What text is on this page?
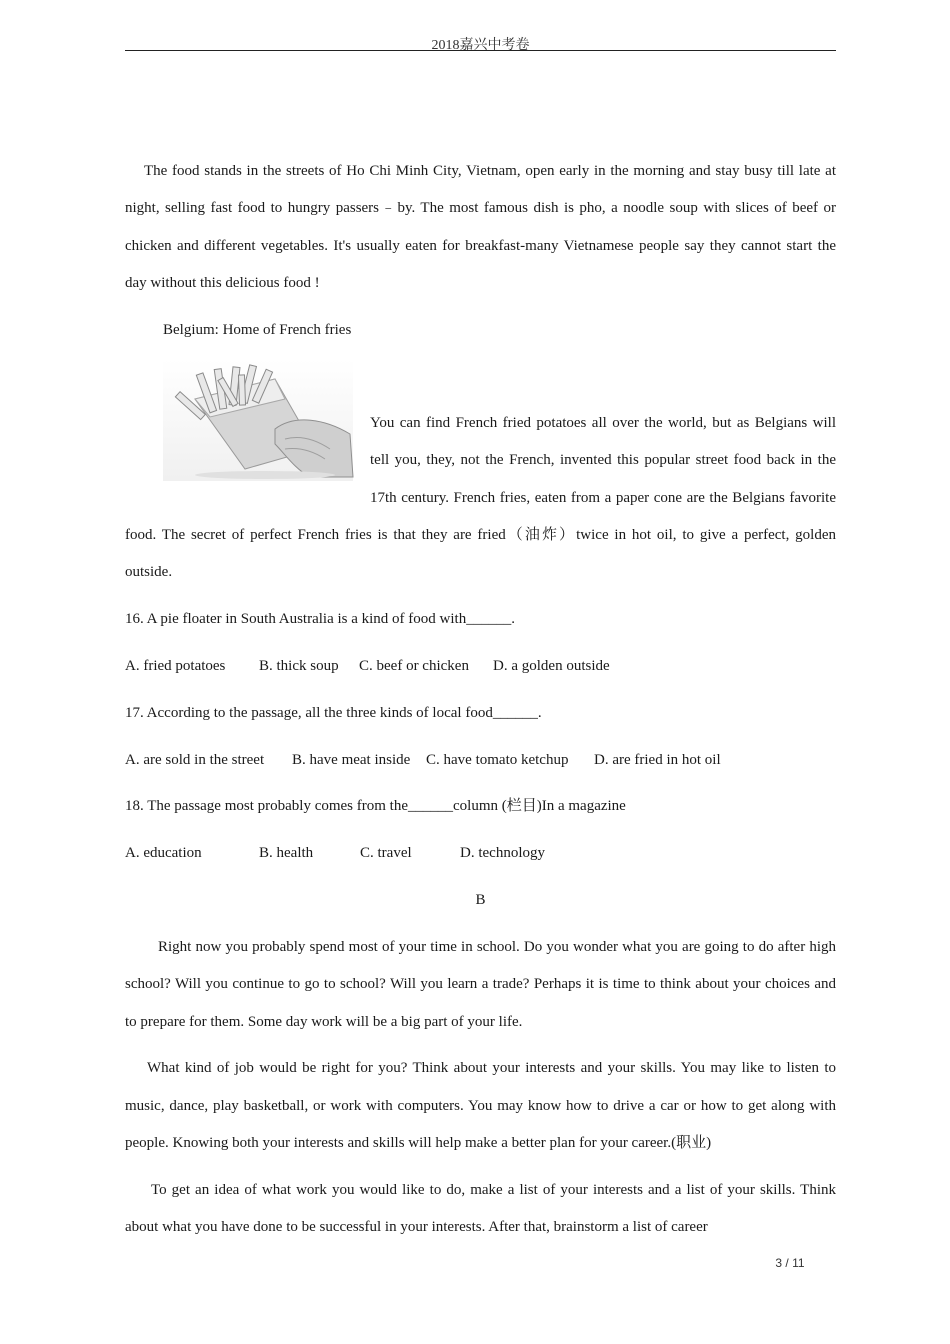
2018嘉兴中考卷

The food stands in the streets of Ho Chi Minh City, Vietnam, open early in the morning and stay busy till late at night, selling fast food to hungry passers﹣by. The most famous dish is pho, a noodle soup with slices of beef or chicken and different vegetables. It's usually eaten for breakfast-many Vietnamese people say they cannot start the day without this delicious food !

Belgium: Home of French fries

You can find French fried potatoes all over the world, but as Belgians will tell you, they, not the French, invented this popular street food back in the 17th century. French fries, eaten from a paper cone are the Belgians favorite food. The secret of perfect French fries is that they are fried（油炸）twice in hot oil, to give a perfect, golden outside.

16. A pie floater in South Australia is a kind of food with______.

A. fried potatoes B. thick soup C. beef or chicken D. a golden outside

17. According to the passage, all the three kinds of local food______.

A. are sold in the street B. have meat inside C. have tomato ketchup D. are fried in hot oil

18. The passage most probably comes from the______column (栏目)In a magazine

A. education	B. health	C. travel	D. technology

B

Right now you probably spend most of your time in school. Do you wonder what you are going to do after high school? Will you continue to go to school? Will you learn a trade? Perhaps it is time to think about your choices and to prepare for them. Some day work will be a big part of your life.

What kind of job would be right for you? Think about your interests and your skills. You may like to listen to music, dance, play basketball, or work with computers. You may know how to drive a car or how to get along with people. Knowing both your interests and skills will help make a better plan for your career.(职业)

To get an idea of what work you would like to do, make a list of your interests and a list of your skills. Think about what you have done to be successful in your interests. After that, brainstorm a list of career

3 / 11
